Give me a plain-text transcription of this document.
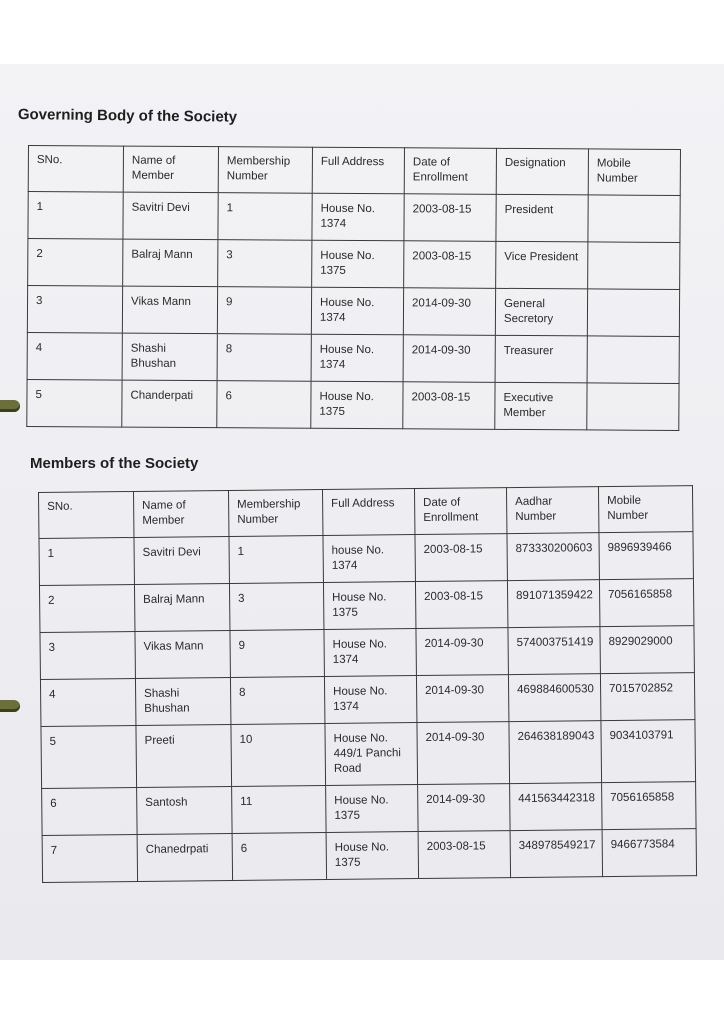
Governing Body of the Society
SNo.	Name of Member	Membership Number	Full Address	Date of Enrollment	Designation	Mobile Number
1	Savitri Devi	1	House No. 1374	2003-08-15	President	
2	Balraj Mann	3	House No. 1375	2003-08-15	Vice President	
3	Vikas Mann	9	House No. 1374	2014-09-30	General Secretory	
4	Shashi Bhushan	8	House No. 1374	2014-09-30	Treasurer	
5	Chanderpati	6	House No. 1375	2003-08-15	Executive Member	
Members of the Society
SNo.	Name of Member	Membership Number	Full Address	Date of Enrollment	Aadhar Number	Mobile Number
1	Savitri Devi	1	house No. 1374	2003-08-15	873330200603	9896939466
2	Balraj Mann	3	House No. 1375	2003-08-15	891071359422	7056165858
3	Vikas Mann	9	House No. 1374	2014-09-30	574003751419	8929029000
4	Shashi Bhushan	8	House No. 1374	2014-09-30	469884600530	7015702852
5	Preeti	10	House No. 449/1 Panchi Road	2014-09-30	264638189043	9034103791
6	Santosh	11	House No. 1375	2014-09-30	441563442318	7056165858
7	Chanedrpati	6	House No. 1375	2003-08-15	348978549217	9466773584
